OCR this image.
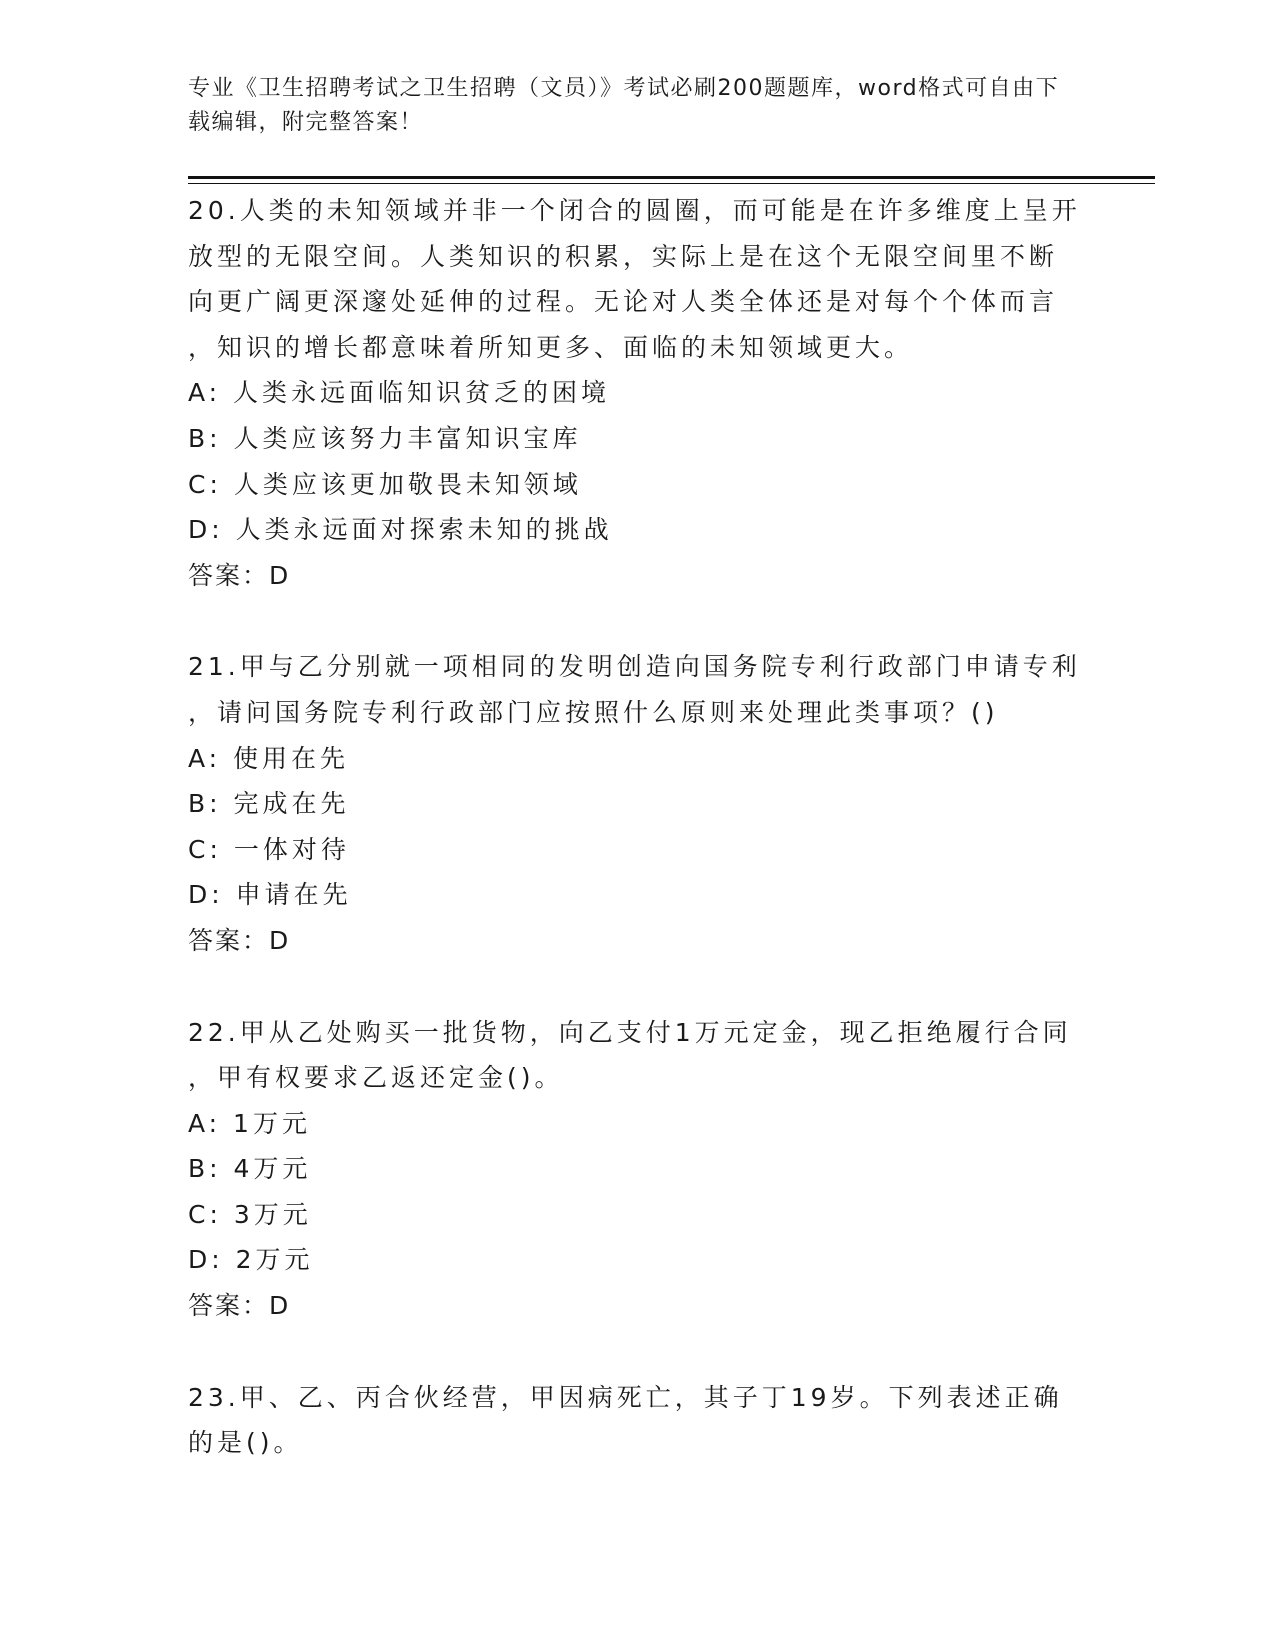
专业《卫生招聘考试之卫生招聘（文员）》考试必刷200题题库，word格式可自由下载编辑，附完整答案！
20.人类的未知领域并非一个闭合的圆圈，而可能是在许多维度上呈开
放型的无限空间。人类知识的积累，实际上是在这个无限空间里不断
向更广阔更深邃处延伸的过程。无论对人类全体还是对每个个体而言
，知识的增长都意味着所知更多、面临的未知领域更大。
A: 人类永远面临知识贫乏的困境
B: 人类应该努力丰富知识宝库
C: 人类应该更加敬畏未知领域
D: 人类永远面对探索未知的挑战
答案：D
21.甲与乙分别就一项相同的发明创造向国务院专利行政部门申请专利
，请问国务院专利行政部门应按照什么原则来处理此类事项？()
A: 使用在先
B: 完成在先
C: 一体对待
D: 申请在先
答案：D
22.甲从乙处购买一批货物，向乙支付1万元定金，现乙拒绝履行合同
，甲有权要求乙返还定金()。
A: 1万元
B: 4万元
C: 3万元
D: 2万元
答案：D
23.甲、乙、丙合伙经营，甲因病死亡，其子丁19岁。下列表述正确
的是()。
